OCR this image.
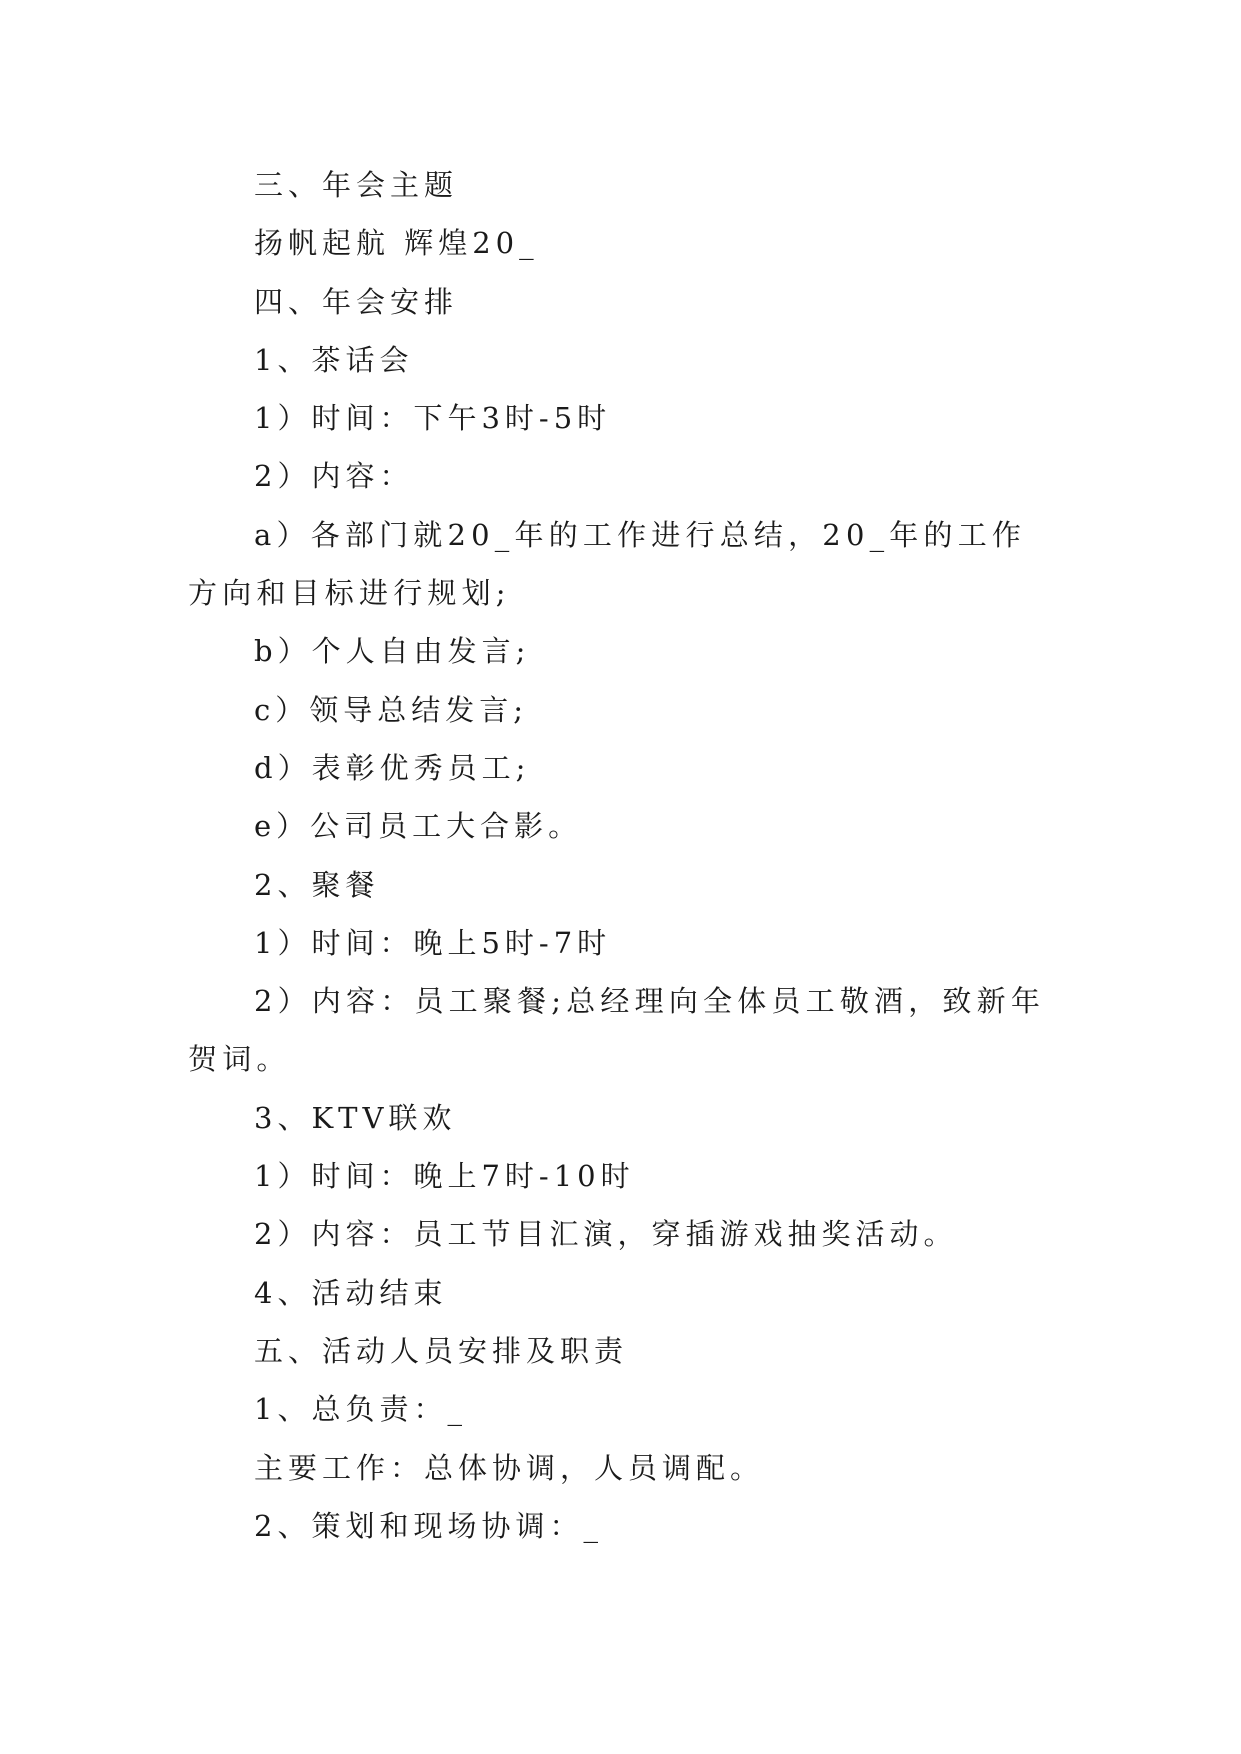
三、年会主题

扬帆起航 辉煌20_

四、年会安排

1、茶话会

1）时间：下午3时-5时

2）内容：

a）各部门就20_年的工作进行总结，20_年的工作方向和目标进行规划;

b）个人自由发言;

c）领导总结发言;

d）表彰优秀员工;

e）公司员工大合影。

2、聚餐

1）时间：晚上5时-7时

2）内容：员工聚餐;总经理向全体员工敬酒，致新年贺词。

3、KTV联欢

1）时间：晚上7时-10时

2）内容：员工节目汇演，穿插游戏抽奖活动。

4、活动结束

五、活动人员安排及职责

1、总负责：_

主要工作：总体协调，人员调配。

2、策划和现场协调：_
